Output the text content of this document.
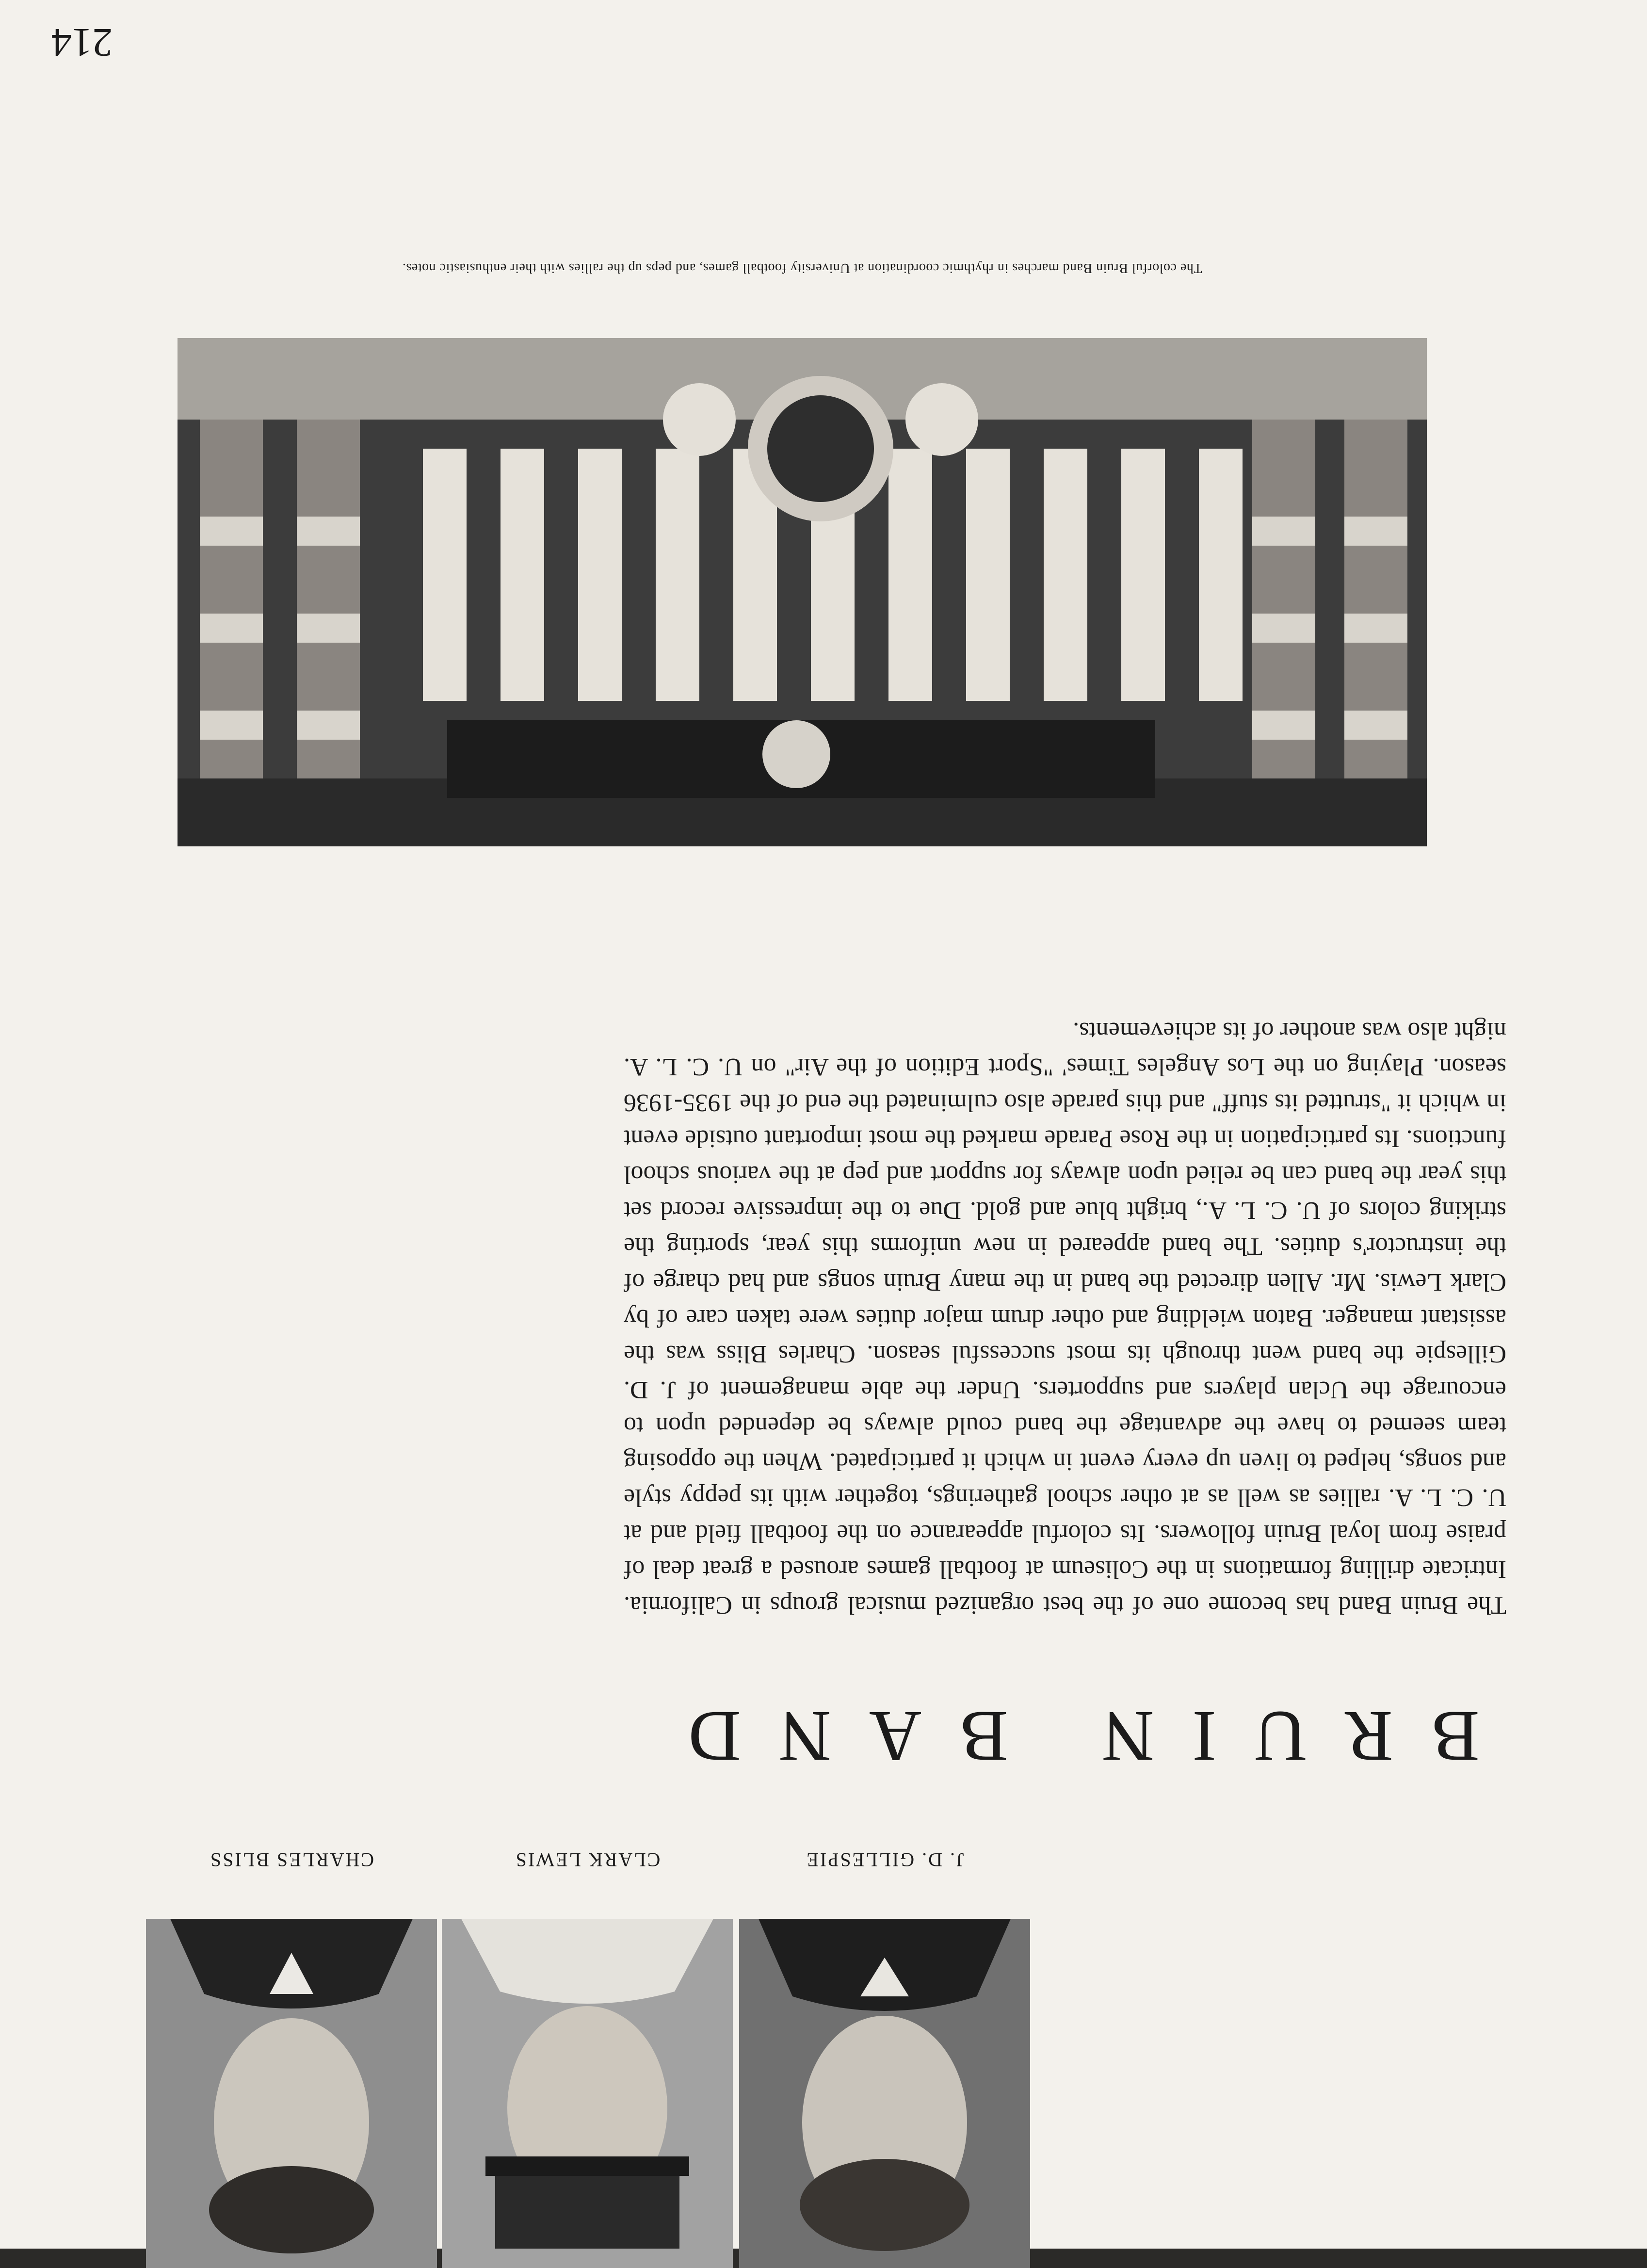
J. D. GILLESPIE
CLARK LEWIS
CHARLES BLISS
BRUIN BAND

The Bruin Band has become one of the best organized musical groups in California. Intricate drilling formations in the Coliseum at football games aroused a great deal of praise from loyal Bruin followers. Its colorful appearance on the football field and at U. C. L. A. rallies as well as at other school gatherings, together with its peppy style and songs, helped to liven up every event in which it participated. When the opposing team seemed to have the advantage the band could always be depended upon to encourage the Uclan players and supporters. Under the able management of J. D. Gillespie the band went through its most successful season. Charles Bliss was the assistant manager. Baton wielding and other drum major duties were taken care of by Clark Lewis. Mr. Allen directed the band in the many Bruin songs and had charge of the instructor's duties. The band appeared in new uniforms this year, sporting the striking colors of U. C. L. A., bright blue and gold. Due to the impressive record set this year the band can be relied upon always for support and pep at the various school functions. Its participation in the Rose Parade marked the most important outside event in which it "strutted its stuff" and this parade also culminated the end of the 1935-1936 season. Playing on the Los Angeles Times' "Sport Edition of the Air" on U. C. L. A. night also was another of its achievements.

The colorful Bruin Band marches in rhythmic coordination at University football games, and peps up the rallies with their enthusiastic notes.

214
